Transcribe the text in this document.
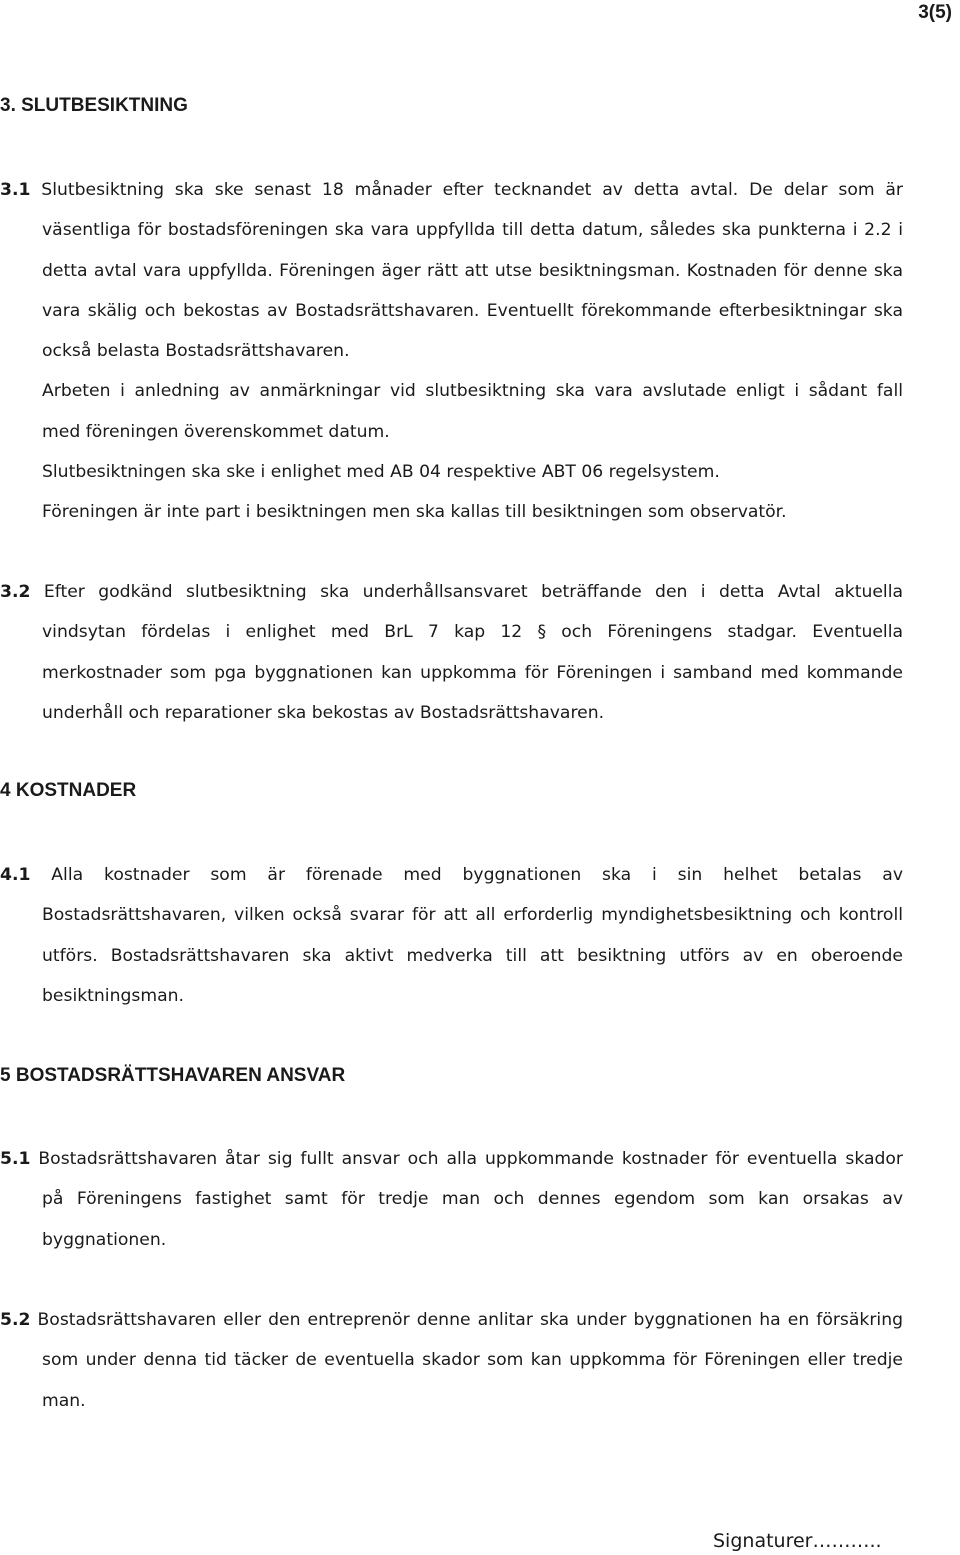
3(5)
3. SLUTBESIKTNING
3.1 Slutbesiktning ska ske senast 18 månader efter tecknandet av detta avtal. De delar som är
väsentliga för bostadsföreningen ska vara uppfyllda till detta datum, således ska punkterna i 2.2 i
detta avtal vara uppfyllda. Föreningen äger rätt att utse besiktningsman. Kostnaden för denne ska
vara skälig och bekostas av Bostadsrättshavaren. Eventuellt förekommande efterbesiktningar ska
också belasta Bostadsrättshavaren.
Arbeten i anledning av anmärkningar vid slutbesiktning ska vara avslutade enligt i sådant fall
med föreningen överenskommet datum.
Slutbesiktningen ska ske i enlighet med AB 04 respektive ABT 06 regelsystem.
Föreningen är inte part i besiktningen men ska kallas till besiktningen som observatör.
3.2 Efter godkänd slutbesiktning ska underhållsansvaret beträffande den i detta Avtal aktuella
vindsytan fördelas i enlighet med BrL 7 kap 12 § och Föreningens stadgar. Eventuella
merkostnader som pga byggnationen kan uppkomma för Föreningen i samband med kommande
underhåll och reparationer ska bekostas av Bostadsrättshavaren.
4 KOSTNADER
4.1 Alla kostnader som är förenade med byggnationen ska i sin helhet betalas av
Bostadsrättshavaren, vilken också svarar för att all erforderlig myndighetsbesiktning och kontroll
utförs. Bostadsrättshavaren ska aktivt medverka till att besiktning utförs av en oberoende
besiktningsman.
5 BOSTADSRÄTTSHAVAREN ANSVAR
5.1 Bostadsrättshavaren åtar sig fullt ansvar och alla uppkommande kostnader för eventuella skador
på Föreningens fastighet samt för tredje man och dennes egendom som kan orsakas av
byggnationen.
5.2 Bostadsrättshavaren eller den entreprenör denne anlitar ska under byggnationen ha en försäkring
som under denna tid täcker de eventuella skador som kan uppkomma för Föreningen eller tredje
man.
Signaturer………..
